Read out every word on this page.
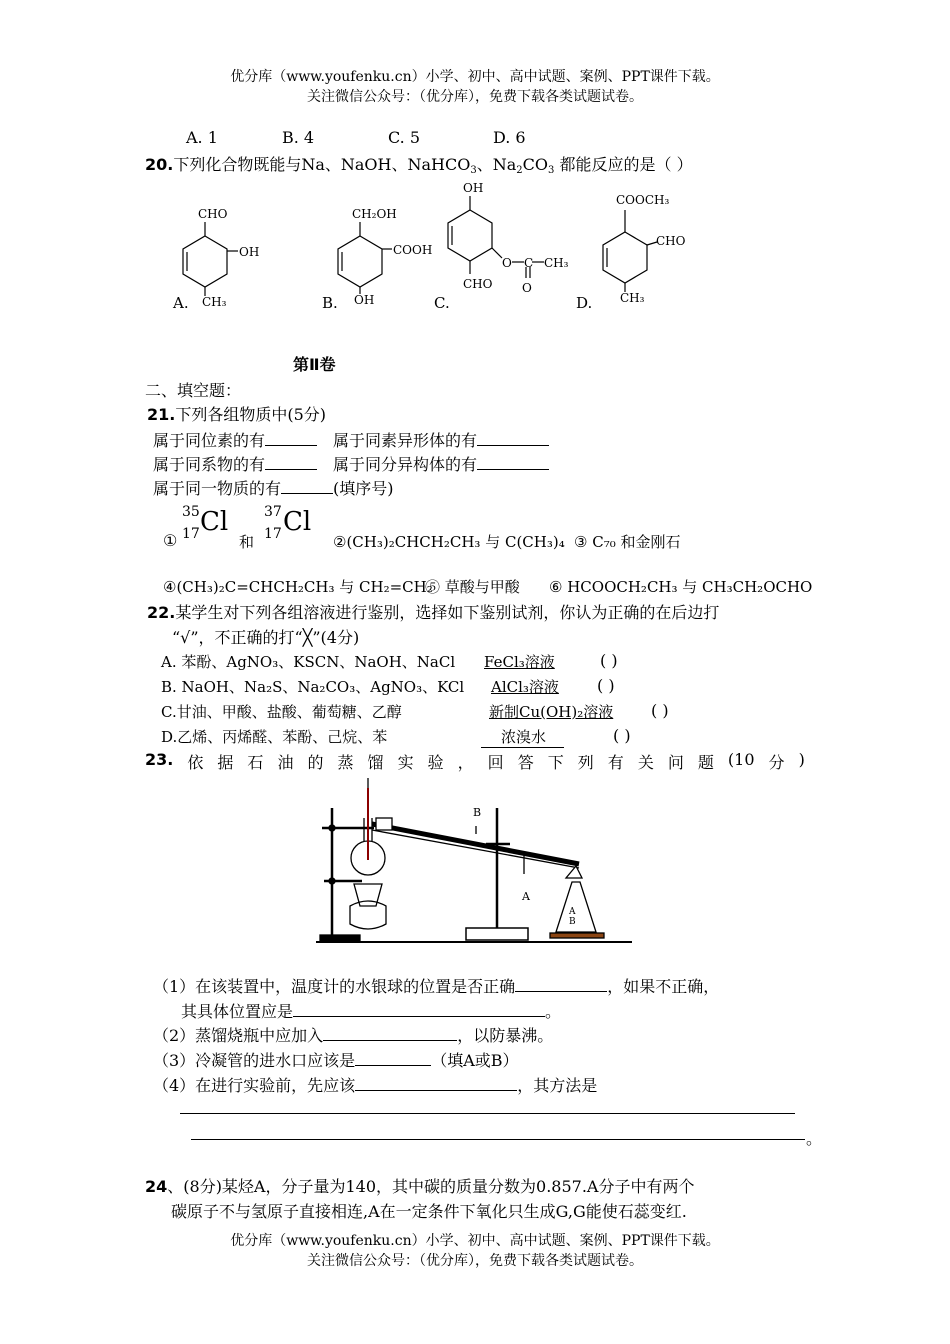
优分库（www.youfenku.cn）小学、初中、高中试题、案例、PPT课件下载。
关注微信公众号：（优分库），免费下载各类试题试卷。
A. 1	B. 4	C. 5	D. 6
20.下列化合物既能与Na、NaOH、NaHCO$_3$、$Na_2CO_3$ 都能反应的是（ ）
CHO
OH
CH₃
CH₂OH
COOH
OH
OH
CHO
O C
O
CH₃
COOCH₃
CHO
CH₃
A.	B.	C.	D.
第Ⅱ卷
二、填空题：
21.下列各组物质中(5分)
属于同位素的有	属于同素异形体的有
属于同系物的有	属于同分异构体的有
属于同一物质的有	(填序号)
①
35
17 Cl
和
37
17 Cl
②(CH₃)₂CHCH₂CH₃ 与 C(CH₃)₄ ③ C₇₀ 和金刚石
④(CH₃)₂C=CHCH₂CH₃ 与 CH₂=CH₂
⑤ 草酸与甲酸 ⑥ HCOOCH₂CH₃ 与 CH₃CH₂OCHO
22.某学生对下列各组溶液进行鉴别，选择如下鉴别试剂，你认为正确的在后边打
“√”，不正确的打“╳”(4分)
A. 苯酚、AgNO₃、KSCN、NaOH、NaCl FeCl₃溶液	( )
B. NaOH、Na₂S、Na₂CO₃、AgNO₃、KCl AlCl₃溶液 ( )
C.甘油、甲酸、盐酸、葡萄糖、乙醇	新制Cu(OH)₂溶液 ( )
D.乙烯、丙烯醛、苯酚、己烷、苯	浓溴水	( )
23. 依 据 石 油 的 蒸 馏 实 验 ， 回 答 下 列 有 关 问 题 (10 分 )
B
A
A
B
（1）在该装置中，温度计的水银球的位置是否正确	，如果不正确，
其具体位置应是	。
（2）蒸馏烧瓶中应加入	，以防暴沸。
（3）冷凝管的进水口应该是	（填A或B）
（4）在进行实验前，先应该	，其方法是
。
24、(8分)某烃A，分子量为140，其中碳的质量分数为0.857.A分子中有两个
碳原子不与氢原子直接相连,A在一定条件下氧化只生成G,G能使石蕊变红.
优分库（www.youfenku.cn）小学、初中、高中试题、案例、PPT课件下载。
关注微信公众号：（优分库），免费下载各类试题试卷。
